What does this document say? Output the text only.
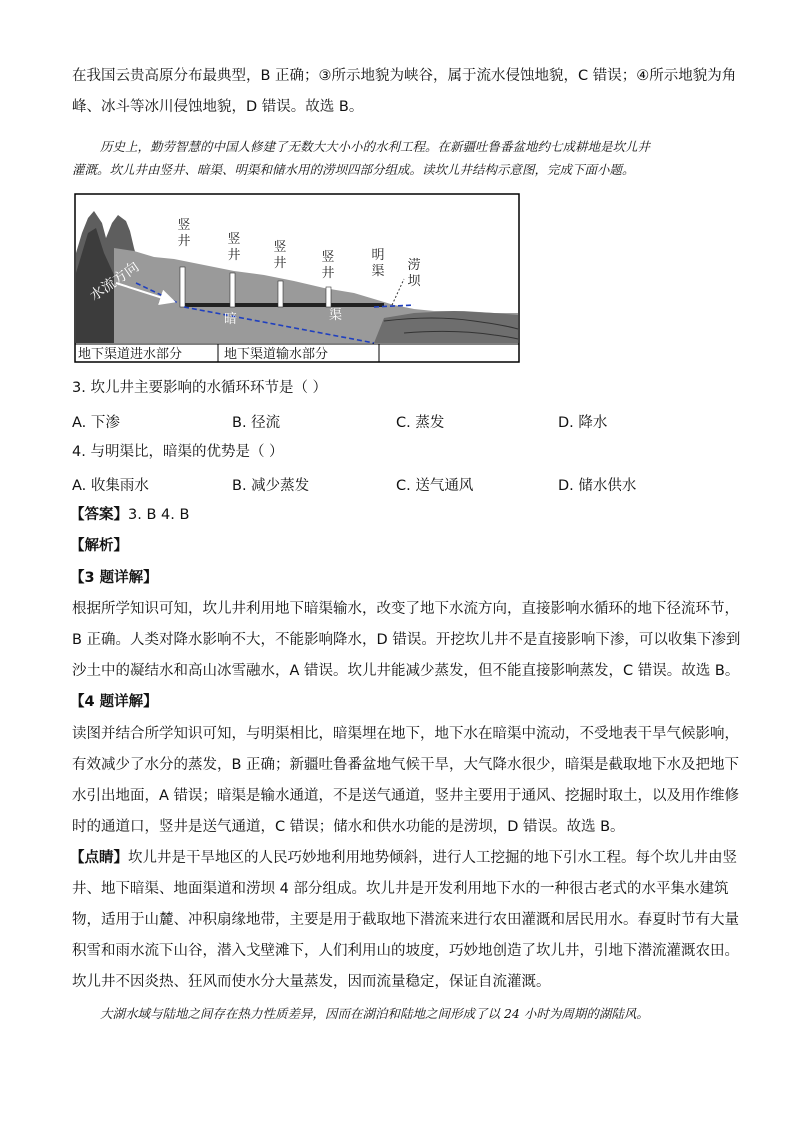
在我国云贵高原分布最典型，B 正确；③所示地貌为峡谷，属于流水侵蚀地貌，C 错误；④所示地貌为角
峰、冰斗等冰川侵蚀地貌，D 错误。故选 B。
历史上，勤劳智慧的中国人修建了无数大大小小的水利工程。在新疆吐鲁番盆地约七成耕地是坎儿井
灌溉。坎儿井由竖井、暗渠、明渠和储水用的涝坝四部分组成。读坎儿井结构示意图，完成下面小题。
竖
井	竖
井
竖
井	竖
井
明
渠 涝
坝
水流方向
暗	渠
地下渠道进水部分	地下渠道输水部分
3. 坎儿井主要影响的水循环环节是（ ）
A. 下渗	B. 径流	C. 蒸发	D. 降水
4. 与明渠比，暗渠的优势是（ ）
A. 收集雨水	B. 减少蒸发	C. 送气通风	D. 储水供水
【答案】3. B 4. B
【解析】
【3 题详解】
根据所学知识可知，坎儿井利用地下暗渠输水，改变了地下水流方向，直接影响水循环的地下径流环节，
B 正确。人类对降水影响不大，不能影响降水，D 错误。开挖坎儿井不是直接影响下渗，可以收集下渗到
沙土中的凝结水和高山冰雪融水，A 错误。坎儿井能减少蒸发，但不能直接影响蒸发，C 错误。故选 B。
【4 题详解】
读图并结合所学知识可知，与明渠相比，暗渠埋在地下，地下水在暗渠中流动，不受地表干旱气候影响，
有效减少了水分的蒸发，B 正确；新疆吐鲁番盆地气候干旱，大气降水很少，暗渠是截取地下水及把地下
水引出地面，A 错误；暗渠是输水通道，不是送气通道，竖井主要用于通风、挖掘时取土，以及用作维修
时的通道口，竖井是送气通道，C 错误；储水和供水功能的是涝坝，D 错误。故选 B。
【点睛】坎儿井是干旱地区的人民巧妙地利用地势倾斜，进行人工挖掘的地下引水工程。每个坎儿井由竖
井、地下暗渠、地面渠道和涝坝 4 部分组成。坎儿井是开发利用地下水的一种很古老式的水平集水建筑
物，适用于山麓、冲积扇缘地带，主要是用于截取地下潜流来进行农田灌溉和居民用水。春夏时节有大量
积雪和雨水流下山谷，潜入戈壁滩下，人们利用山的坡度，巧妙地创造了坎儿井，引地下潜流灌溉农田。
坎儿井不因炎热、狂风而使水分大量蒸发，因而流量稳定，保证自流灌溉。
大湖水域与陆地之间存在热力性质差异，因而在湖泊和陆地之间形成了以 24 小时为周期的湖陆风。
